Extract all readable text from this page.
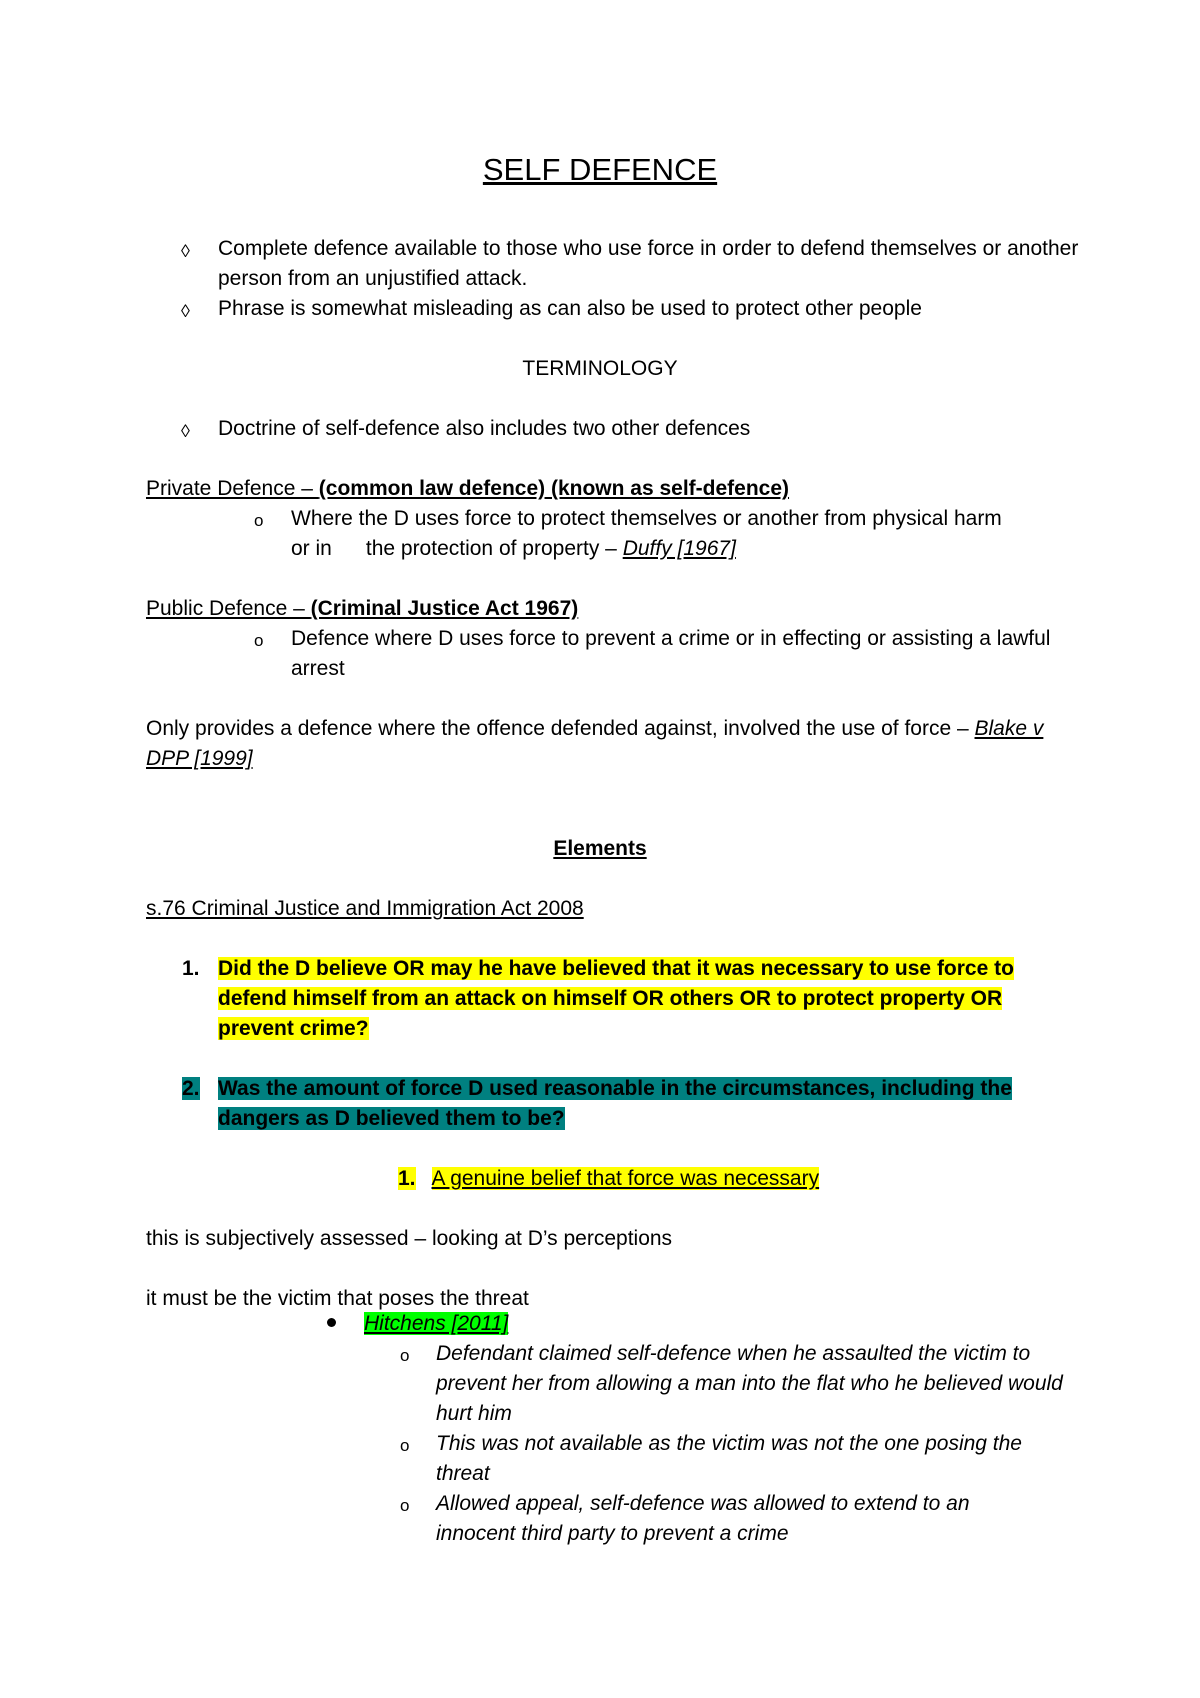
SELF DEFENCE
◊ Complete defence available to those who use force in order to defend themselves or another person from an unjustified attack.
◊ Phrase is somewhat misleading as can also be used to protect other people
TERMINOLOGY
◊ Doctrine of self-defence also includes two other defences
Private Defence – (common law defence) (known as self-defence)
o Where the D uses force to protect themselves or another from physical harm
or in the protection of property – Duffy [1967]
Public Defence – (Criminal Justice Act 1967)
o Defence where D uses force to prevent a crime or in effecting or assisting a lawful arrest
Only provides a defence where the offence defended against, involved the use of force – Blake v DPP [1999]
Elements
s.76 Criminal Justice and Immigration Act 2008
1. Did the D believe OR may he have believed that it was necessary to use force to defend himself from an attack on himself OR others OR to protect property OR prevent crime?
2. Was the amount of force D used reasonable in the circumstances, including the dangers as D believed them to be?
1. A genuine belief that force was necessary
this is subjectively assessed – looking at D’s perceptions
it must be the victim that poses the threat
Hitchens [2011]
o Defendant claimed self-defence when he assaulted the victim to prevent her from allowing a man into the flat who he believed would hurt him
o This was not available as the victim was not the one posing the threat
o Allowed appeal, self-defence was allowed to extend to an innocent third party to prevent a crime
